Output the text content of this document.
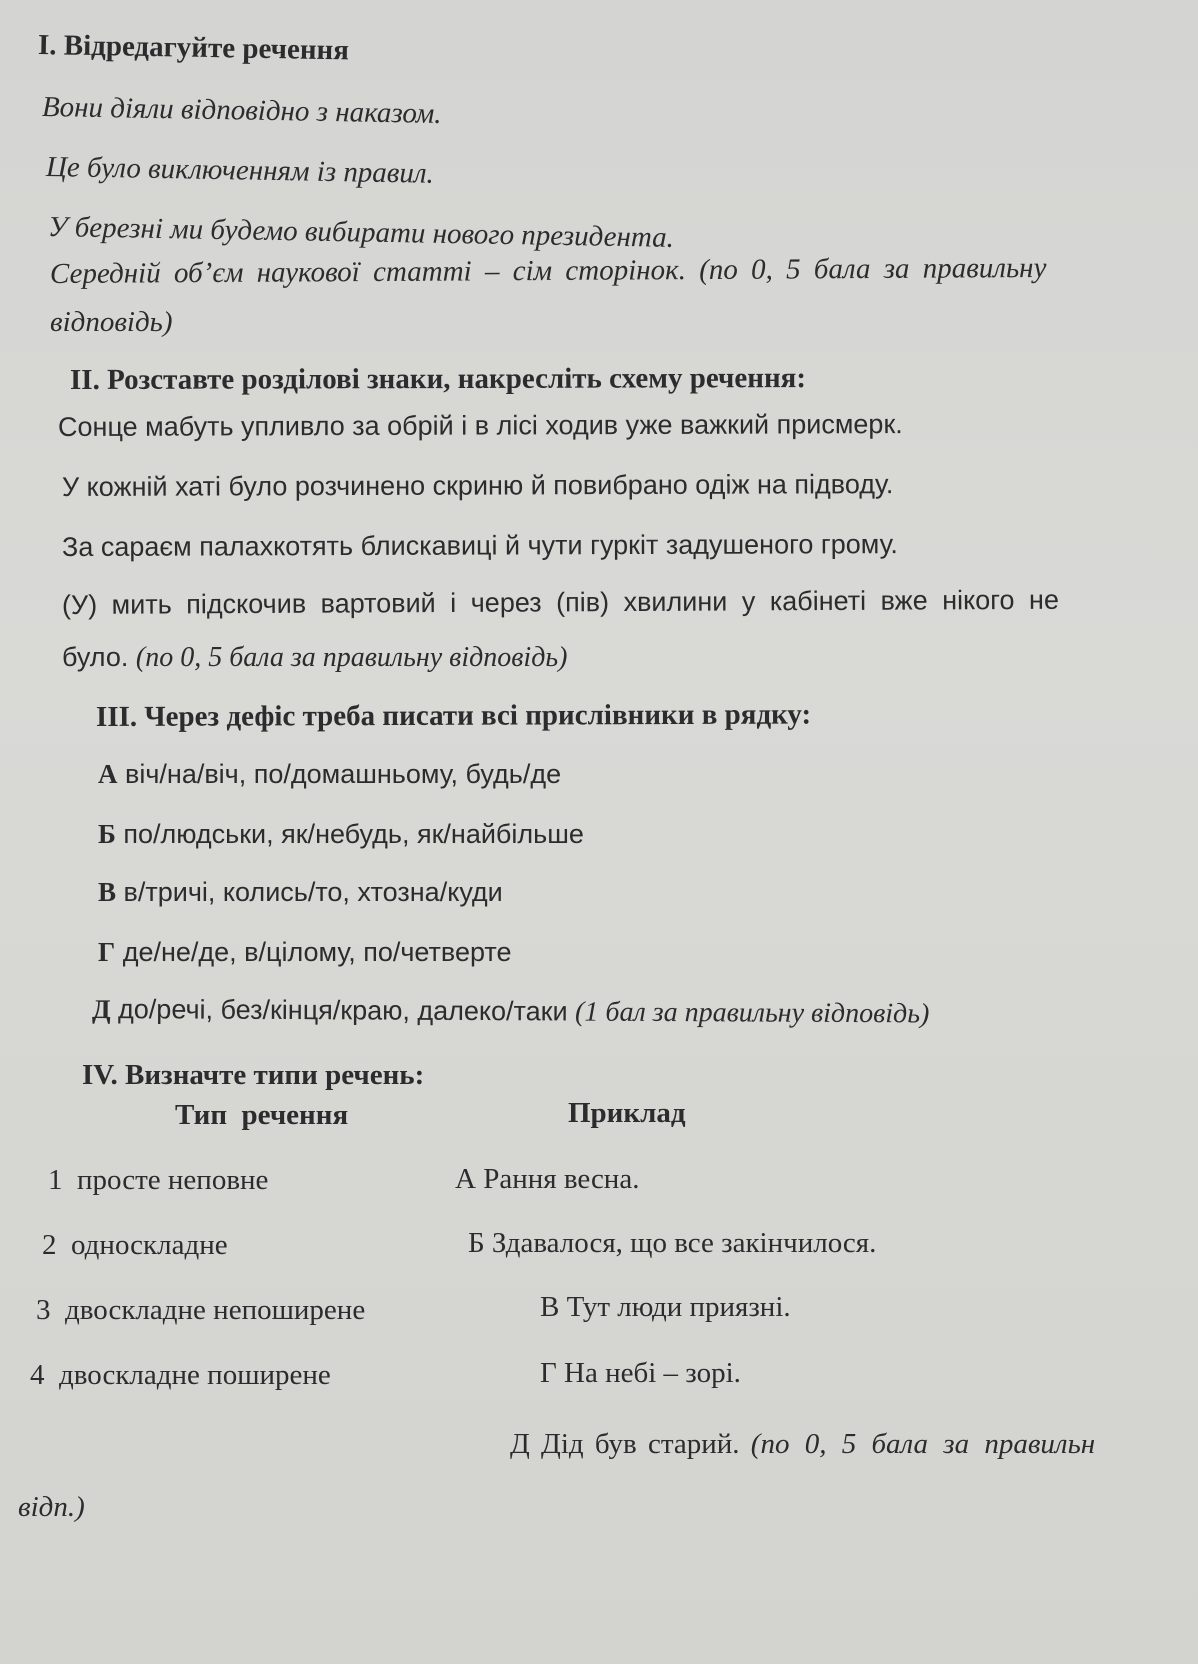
I. Відредагуйте речення
Вони діяли відповідно з наказом.
Це було виключенням із правил.
У березні ми будемо вибирати нового президента.
Середній об’єм наукової статті – сім сторінок. (по 0, 5 бала за правильну
відповідь)
II. Розставте розділові знаки, накресліть схему речення:
Сонце мабуть упливло за обрій і в лісі ходив уже важкий присмерк.
У кожній хаті було розчинено скриню й повибрано одіж на підводу.
За сараєм палахкотять блискавиці й чути гуркіт задушеного грому.
(У) мить підскочив вартовий і через (пів) хвилини у кабінеті вже нікого не
було. (по 0, 5 бала за правильну відповідь)
III. Через дефіс треба писати всі прислівники в рядку:
А віч/на/віч, по/домашньому, будь/де
Б по/людськи, як/небудь, як/найбільше
В в/тричі, колись/то, хтозна/куди
Г де/не/де, в/цілому, по/четверте
Д до/речі, без/кінця/краю, далеко/таки (1 бал за правильну відповідь)
IV. Визначте типи речень:
Тип  речення	Приклад
1  просте неповне
2  односкладне
3  двоскладне непоширене
4  двоскладне поширене
А Рання весна.
Б Здавалося, що все закінчилося.
В Тут люди приязні.
Г На небі – зорі.
Д Дід був старий. (по 0, 5 бала за правильн
відп.)
